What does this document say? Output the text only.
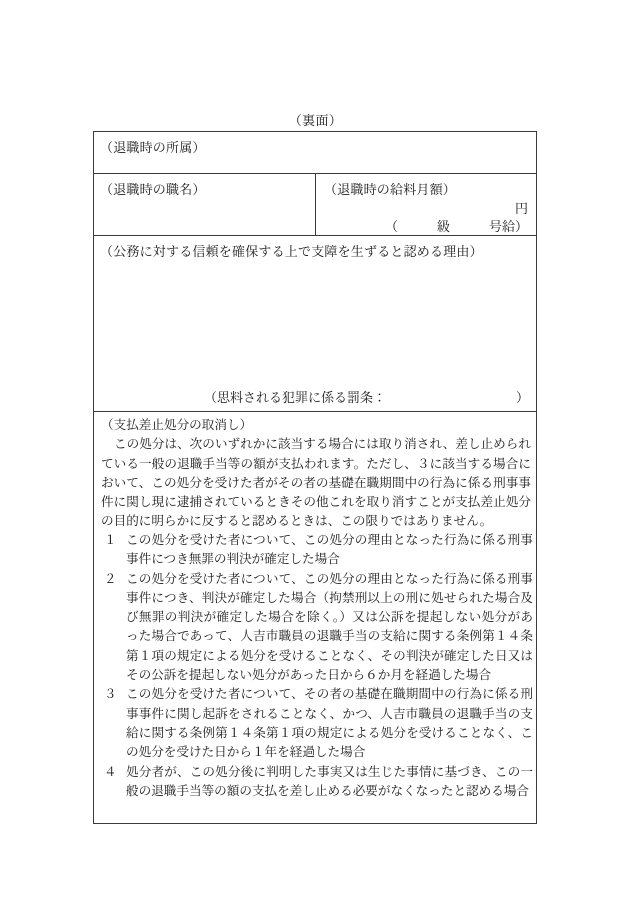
（裏面）
（退職時の所属）
（退職時の職名）	（退職時の給料月額）
円
（　　　級　　　号給）
（公務に対する信頼を確保する上で支障を生ずると認める理由）
（思料される犯罪に係る罰条：	）
（支払差止処分の取消し）
この処分は、次のいずれかに該当する場合には取り消され、差し止められている一般の退職手当等の額が支払われます。ただし、３に該当する場合において、この処分を受けた者がその者の基礎在職期間中の行為に係る刑事事件に関し現に逮捕されているときその他これを取り消すことが支払差止処分の目的に明らかに反すると認めるときは、この限りではありません。
１ この処分を受けた者について、この処分の理由となった行為に係る刑事事件につき無罪の判決が確定した場合
２ この処分を受けた者について、この処分の理由となった行為に係る刑事事件につき、判決が確定した場合（拘禁刑以上の刑に処せられた場合及び無罪の判決が確定した場合を除く。）又は公訴を提起しない処分があった場合であって、人吉市職員の退職手当の支給に関する条例第１４条第１項の規定による処分を受けることなく、その判決が確定した日又はその公訴を提起しない処分があった日から６か月を経過した場合
３ この処分を受けた者について、その者の基礎在職期間中の行為に係る刑事事件に関し起訴をされることなく、かつ、人吉市職員の退職手当の支給に関する条例第１４条第１項の規定による処分を受けることなく、この処分を受けた日から１年を経過した場合
４ 処分者が、この処分後に判明した事実又は生じた事情に基づき、この一般の退職手当等の額の支払を差し止める必要がなくなったと認める場合
